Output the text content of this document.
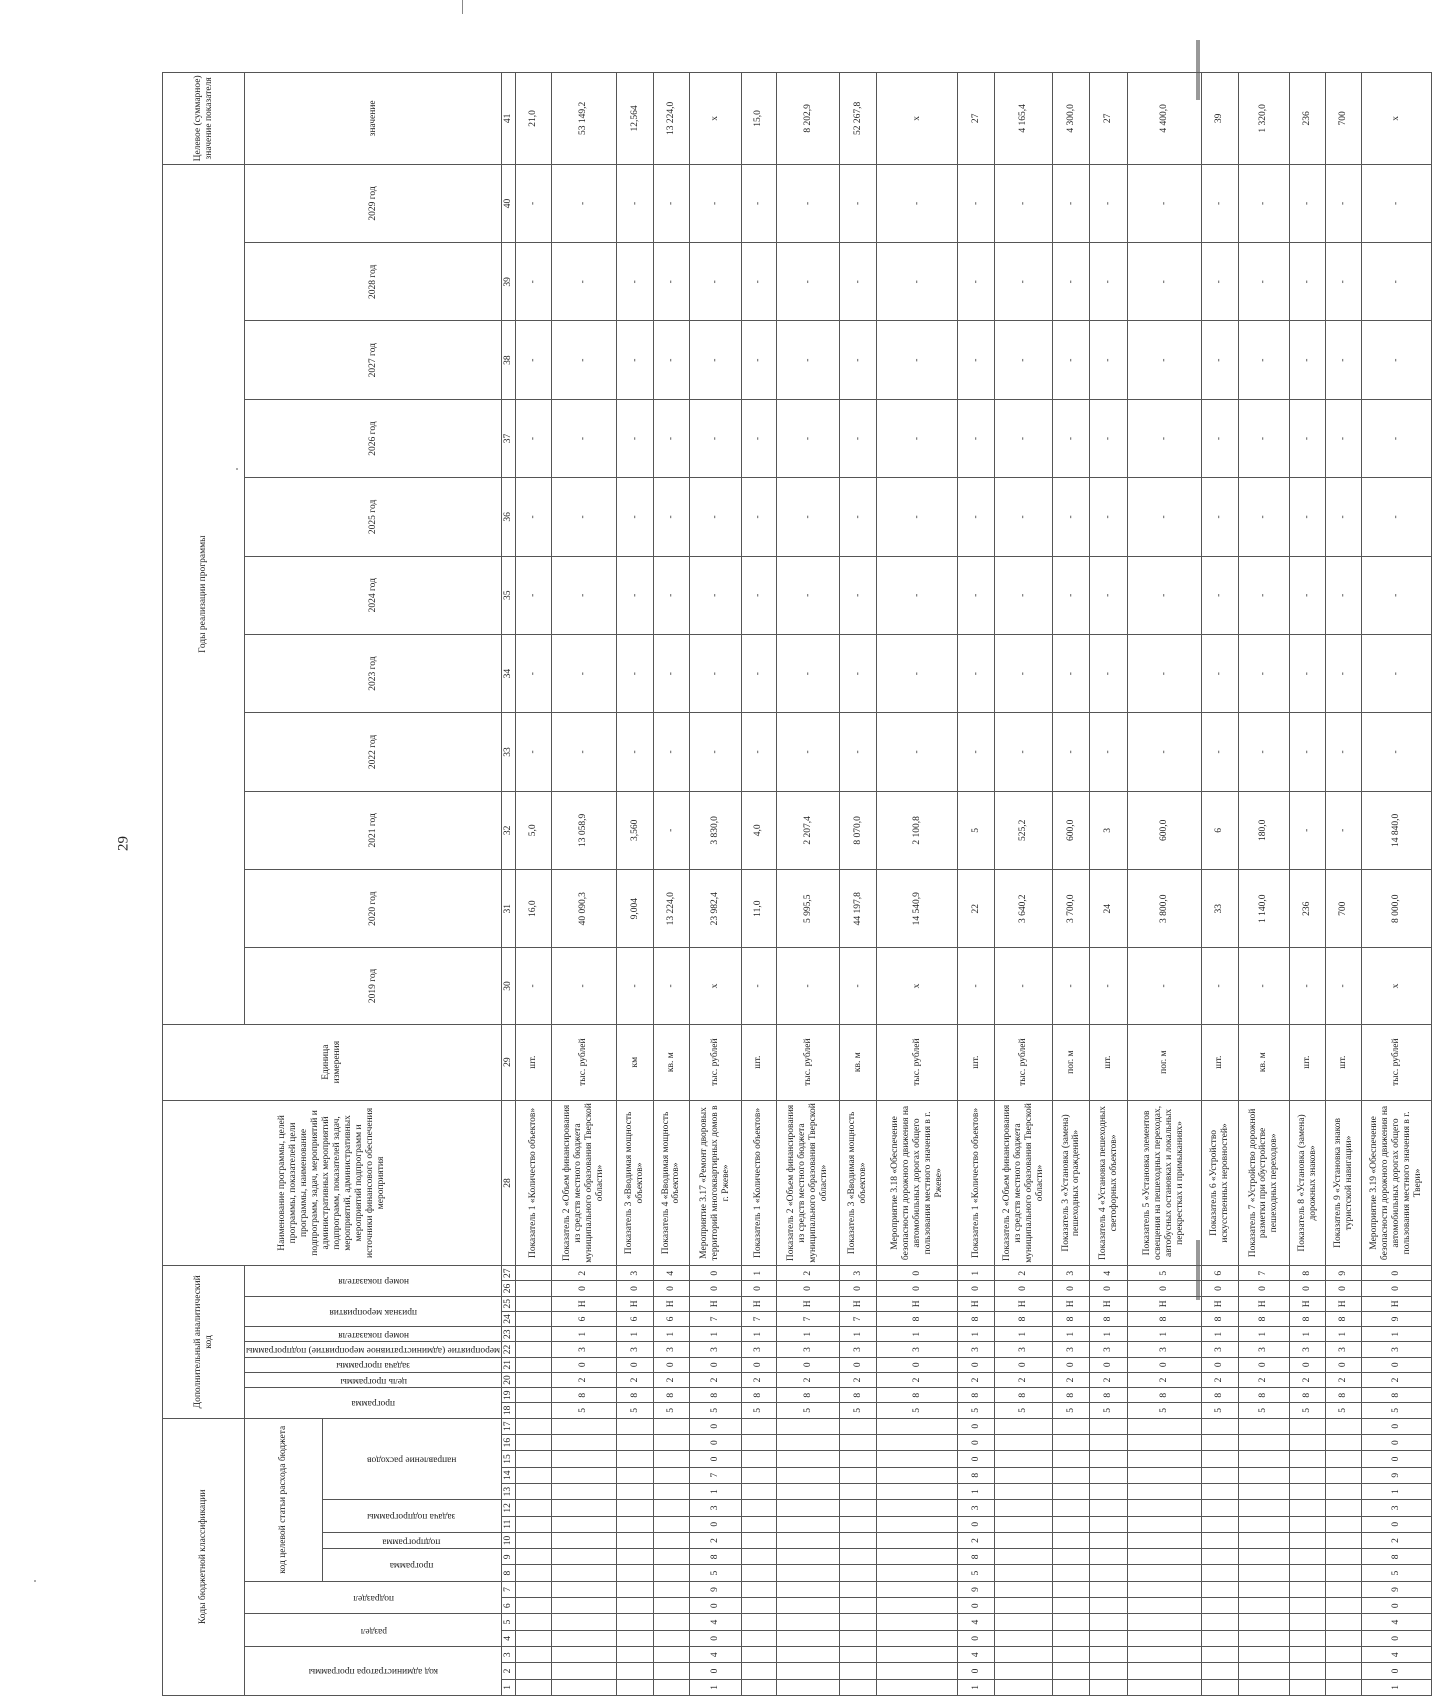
29
Коды бюджетной классификации																	Дополнительный аналитический код										Наименование программы, целей программы, показателей цели программы, наименование подпрограмм, задач, мероприятий и административных мероприятий подпрограмм, показателей задач, мероприятий, административных мероприятий подпрограмм и источники финансового обеспечения мероприятия	Единица измерения	Годы реализации программы											Целевое (суммарное) значение показателя
код администратора программы			раздел		подраздел		код целевой статьи расхода бюджета										программа		цель программы	задача программы	мероприятие (административное мероприятие) подпрограммы	номер показателя	признак мероприятия		номер показателя				2019 год	2020 год	2021 год	2022 год	2023 год	2024 год	2025 год	2026 год	2027 год	2028 год	2029 год	значение
							программа		подпрограмма	задача подпрограммы		направление расходов																												
1	2	3	4	5	6	7	8	9	10	11	12	13	14	15	16	17	18	19	20	21	22	23	24	25	26	27	28	29	30	31	32	33	34	35	36	37	38	39	40	41
																											Показатель 1 «Количество объектов»	шт.	-	16,0	5,0	-	-	-	-	-	-	-	-	21,0
																	5	8	2	0	3	1	6	Н	0	2	Показатель 2 «Объем финансирования из средств местного бюджета муниципального образования Тверской области»	тыс. рублей	-	40 090,3	13 058,9	-	-	-	-	-	-	-	-	53 149,2
																	5	8	2	0	3	1	6	Н	0	3	Показатель 3 «Вводимая мощность объектов»	км	-	9,004	3,560	-	-	-	-	-	-	-	-	12,564
																	5	8	2	0	3	1	6	Н	0	4	Показатель 4 «Вводимая мощность объектов»	кв. м	-	13 224,0	-	-	-	-	-	-	-	-	-	13 224,0
1	0	4	0	4	0	9	5	8	2	0	3	1	7	0	0	0	5	8	2	0	3	1	7	Н	0	0	Мероприятие 3.17 «Ремонт дворовых территорий многоквартирных домов в г. Ржеве»	тыс. рублей	х	23 982,4	3 830,0	-	-	-	-	-	-	-	-	х
																	5	8	2	0	3	1	7	Н	0	1	Показатель 1 «Количество объектов»	шт.	-	11,0	4,0	-	-	-	-	-	-	-	-	15,0
																	5	8	2	0	3	1	7	Н	0	2	Показатель 2 «Объем финансирования из средств местного бюджета муниципального образования Тверской области»	тыс. рублей	-	5 995,5	2 207,4	-	-	-	-	-	-	-	-	8 202,9
																	5	8	2	0	3	1	7	Н	0	3	Показатель 3 «Вводимая мощность объектов»	кв. м	-	44 197,8	8 070,0	-	-	-	-	-	-	-	-	52 267,8
																	5	8	2	0	3	1	8	Н	0	0	Мероприятие 3.18 «Обеспечение безопасности дорожного движения на автомобильных дорогах общего пользования местного значения в г. Ржеве»	тыс. рублей	х	14 540,9	2 100,8	-	-	-	-	-	-	-	-	х
1	0	4	0	4	0	9	5	8	2	0	3	1	8	0	0	0	5	8	2	0	3	1	8	Н	0	1	Показатель 1 «Количество объектов»	шт.	-	22	5	-	-	-	-	-	-	-	-	27
																	5	8	2	0	3	1	8	Н	0	2	Показатель 2 «Объем финансирования из средств местного бюджета муниципального образования Тверской области»	тыс. рублей	-	3 640,2	525,2	-	-	-	-	-	-	-	-	4 165,4
																	5	8	2	0	3	1	8	Н	0	3	Показатель 3 «Установка (замена) пешеходных ограждений»	пог. м	-	3 700,0	600,0	-	-	-	-	-	-	-	-	4 300,0
																	5	8	2	0	3	1	8	Н	0	4	Показатель 4 «Установка пешеходных светофорных объектов»	шт.	-	24	3	-	-	-	-	-	-	-	-	27
																	5	8	2	0	3	1	8	Н	0	5	Показатель 5 «Установка элементов освещения на пешеходных переходах, автобусных остановках и локальных перекрестках и примыканиях»	пог. м	-	3 800,0	600,0	-	-	-	-	-	-	-	-	4 400,0
																	5	8	2	0	3	1	8	Н	0	6	Показатель 6 «Устройство искусственных неровностей»	шт.	-	33	6	-	-	-	-	-	-	-	-	39
																	5	8	2	0	3	1	8	Н	0	7	Показатель 7 «Устройство дорожной разметки при обустройстве пешеходных переходов»	кв. м	-	1 140,0	180,0	-	-	-	-	-	-	-	-	1 320,0
																	5	8	2	0	3	1	8	Н	0	8	Показатель 8 «Установка (замена) дорожных знаков»	шт.	-	236	-	-	-	-	-	-	-	-	-	236
																	5	8	2	0	3	1	8	Н	0	9	Показатель 9 «Установка знаков туристской навигации»	шт.	-	700	-	-	-	-	-	-	-	-	-	700
1	0	4	0	4	0	9	5	8	2	0	3	1	9	0	0	0	5	8	2	0	3	1	9	Н	0	0	Мероприятие 3.19 «Обеспечение безопасности дорожного движения на автомобильных дорогах общего пользования местного значения в г. Твери»	тыс. рублей	х	8 000,0	14 840,0	-	-	-	-	-	-	-	-	х
